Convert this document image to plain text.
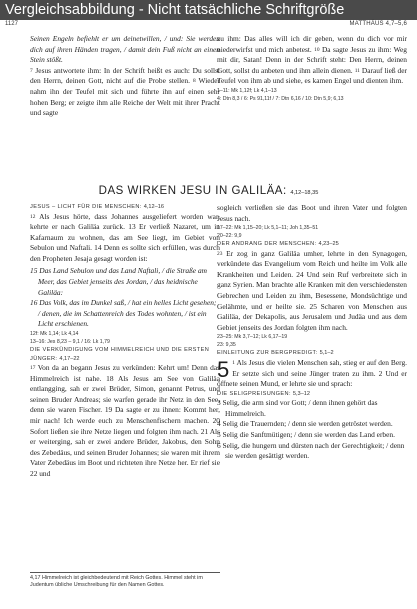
Vergleichsabbildung - Nicht tatsächliche Schriftgröße
1127	MATTHÄUS 4,7–5,6

Seinen Engeln befiehlt er um deinetwillen, / und: Sie werden dich auf ihren Händen tragen, / damit dein Fuß nicht an einen Stein stößt.

7 Jesus antwortete ihm: In der Schrift heißt es auch: Du sollst den Herrn, deinen Gott, nicht auf die Probe stellen. 8 Wieder nahm ihn der Teufel mit sich und führte ihn auf einen sehr hohen Berg; er zeigte ihm alle Reiche der Welt mit ihrer Pracht und sagte

zu ihm: Das alles will ich dir geben, wenn du dich vor mir niederwirfst und mich anbetest. 10 Da sagte Jesus zu ihm: Weg mit dir, Satan! Denn in der Schrift steht: Den Herrn, deinen Gott, sollst du anbeten und ihm allein dienen. 11 Darauf ließ der Teufel von ihm ab und siehe, es kamen Engel und dienten ihm.

1–11: Mk 1,12f; Lk 4,1–13

4: Dtn 8,3 / 6: Ps 91,11f / 7: Dtn 6,16 / 10: Dtn 5,9; 6,13

DAS WIRKEN JESU IN GALILÄA: 4,12–18,35

JESUS – LICHT FÜR DIE MENSCHEN: 4,12–16

12 Als Jesus hörte, dass Johannes ausgeliefert worden war, kehrte er nach Galiläa zurück. 13 Er verließ Nazaret, um in Kafarnaum zu wohnen, das am See liegt, im Gebiet von Sebulon und Naftali. 14 Denn es sollte sich erfüllen, was durch den Propheten Jesaja gesagt worden ist:

15 Das Land Sebulon und das Land Naftali, / die Straße am Meer, das Gebiet jenseits des Jordan, / das heidnische Galiläa:

16 Das Volk, das im Dunkel saß, / hat ein helles Licht gesehen; / denen, die im Schattenreich des Todes wohnten, / ist ein Licht erschienen.

12f: Mk 1,14; Lk 4,14

13–16: Jes 8,23 – 9,1 / 16: Lk 1,79

DIE VERKÜNDIGUNG VOM HIMMELREICH UND DIE ERSTEN JÜNGER: 4,17–22

17 Von da an begann Jesus zu verkünden: Kehrt um! Denn das Himmelreich ist nahe. 18 Als Jesus am See von Galiläa entlangging, sah er zwei Brüder, Simon, genannt Petrus, und seinen Bruder Andreas; sie warfen gerade ihr Netz in den See, denn sie waren Fischer. 19 Da sagte er zu ihnen: Kommt her, mir nach! Ich werde euch zu Menschenfischern machen. 20 Sofort ließen sie ihre Netze liegen und folgten ihm nach. 21 Als er weiterging, sah er zwei andere Brüder, Jakobus, den Sohn des Zebedäus, und seinen Bruder Johannes; sie waren mit ihrem Vater Zebedäus im Boot und richteten ihre Netze her. Er rief sie 22 und

4,17 Himmelreich ist gleichbedeutend mit Reich Gottes. Himmel steht im Judentum übliche Umschreibung für den Namen Gottes.

sogleich verließen sie das Boot und ihren Vater und folgten Jesus nach.

17–22: Mk 1,15–20; Lk 5,1–11; Joh 1,35–51

20–22: 9,9

DER ANDRANG DER MENSCHEN: 4,23–25

23 Er zog in ganz Galiläa umher, lehrte in den Synagogen, verkündete das Evangelium vom Reich und heilte im Volk alle Krankheiten und Leiden. 24 Und sein Ruf verbreitete sich in ganz Syrien. Man brachte alle Kranken mit den verschiedensten Gebrechen und Leiden zu ihm, Besessene, Mondsüchtige und Gelähmte, und er heilte sie. 25 Scharen von Menschen aus Galiläa, der Dekapolis, aus Jerusalem und Judäa und aus dem Gebiet jenseits des Jordan folgten ihm nach.

23–25: Mk 3,7–12; Lk 6,17–19

23: 9,35

EINLEITUNG ZUR BERGPREDIGT: 5,1–2

5 1 Als Jesus die vielen Menschen sah, stieg er auf den Berg. Er setzte sich und seine Jünger traten zu ihm. 2 Und er öffnete seinen Mund, er lehrte sie und sprach:

DIE SELIGPREISUNGEN: 5,3–12

3 Selig, die arm sind vor Gott; / denn ihnen gehört das Himmelreich.

4 Selig die Trauernden; / denn sie werden getröstet werden.

5 Selig die Sanftmütigen; / denn sie werden das Land erben.

6 Selig, die hungern und dürsten nach der Gerechtigkeit; / denn sie werden gesättigt werden.
